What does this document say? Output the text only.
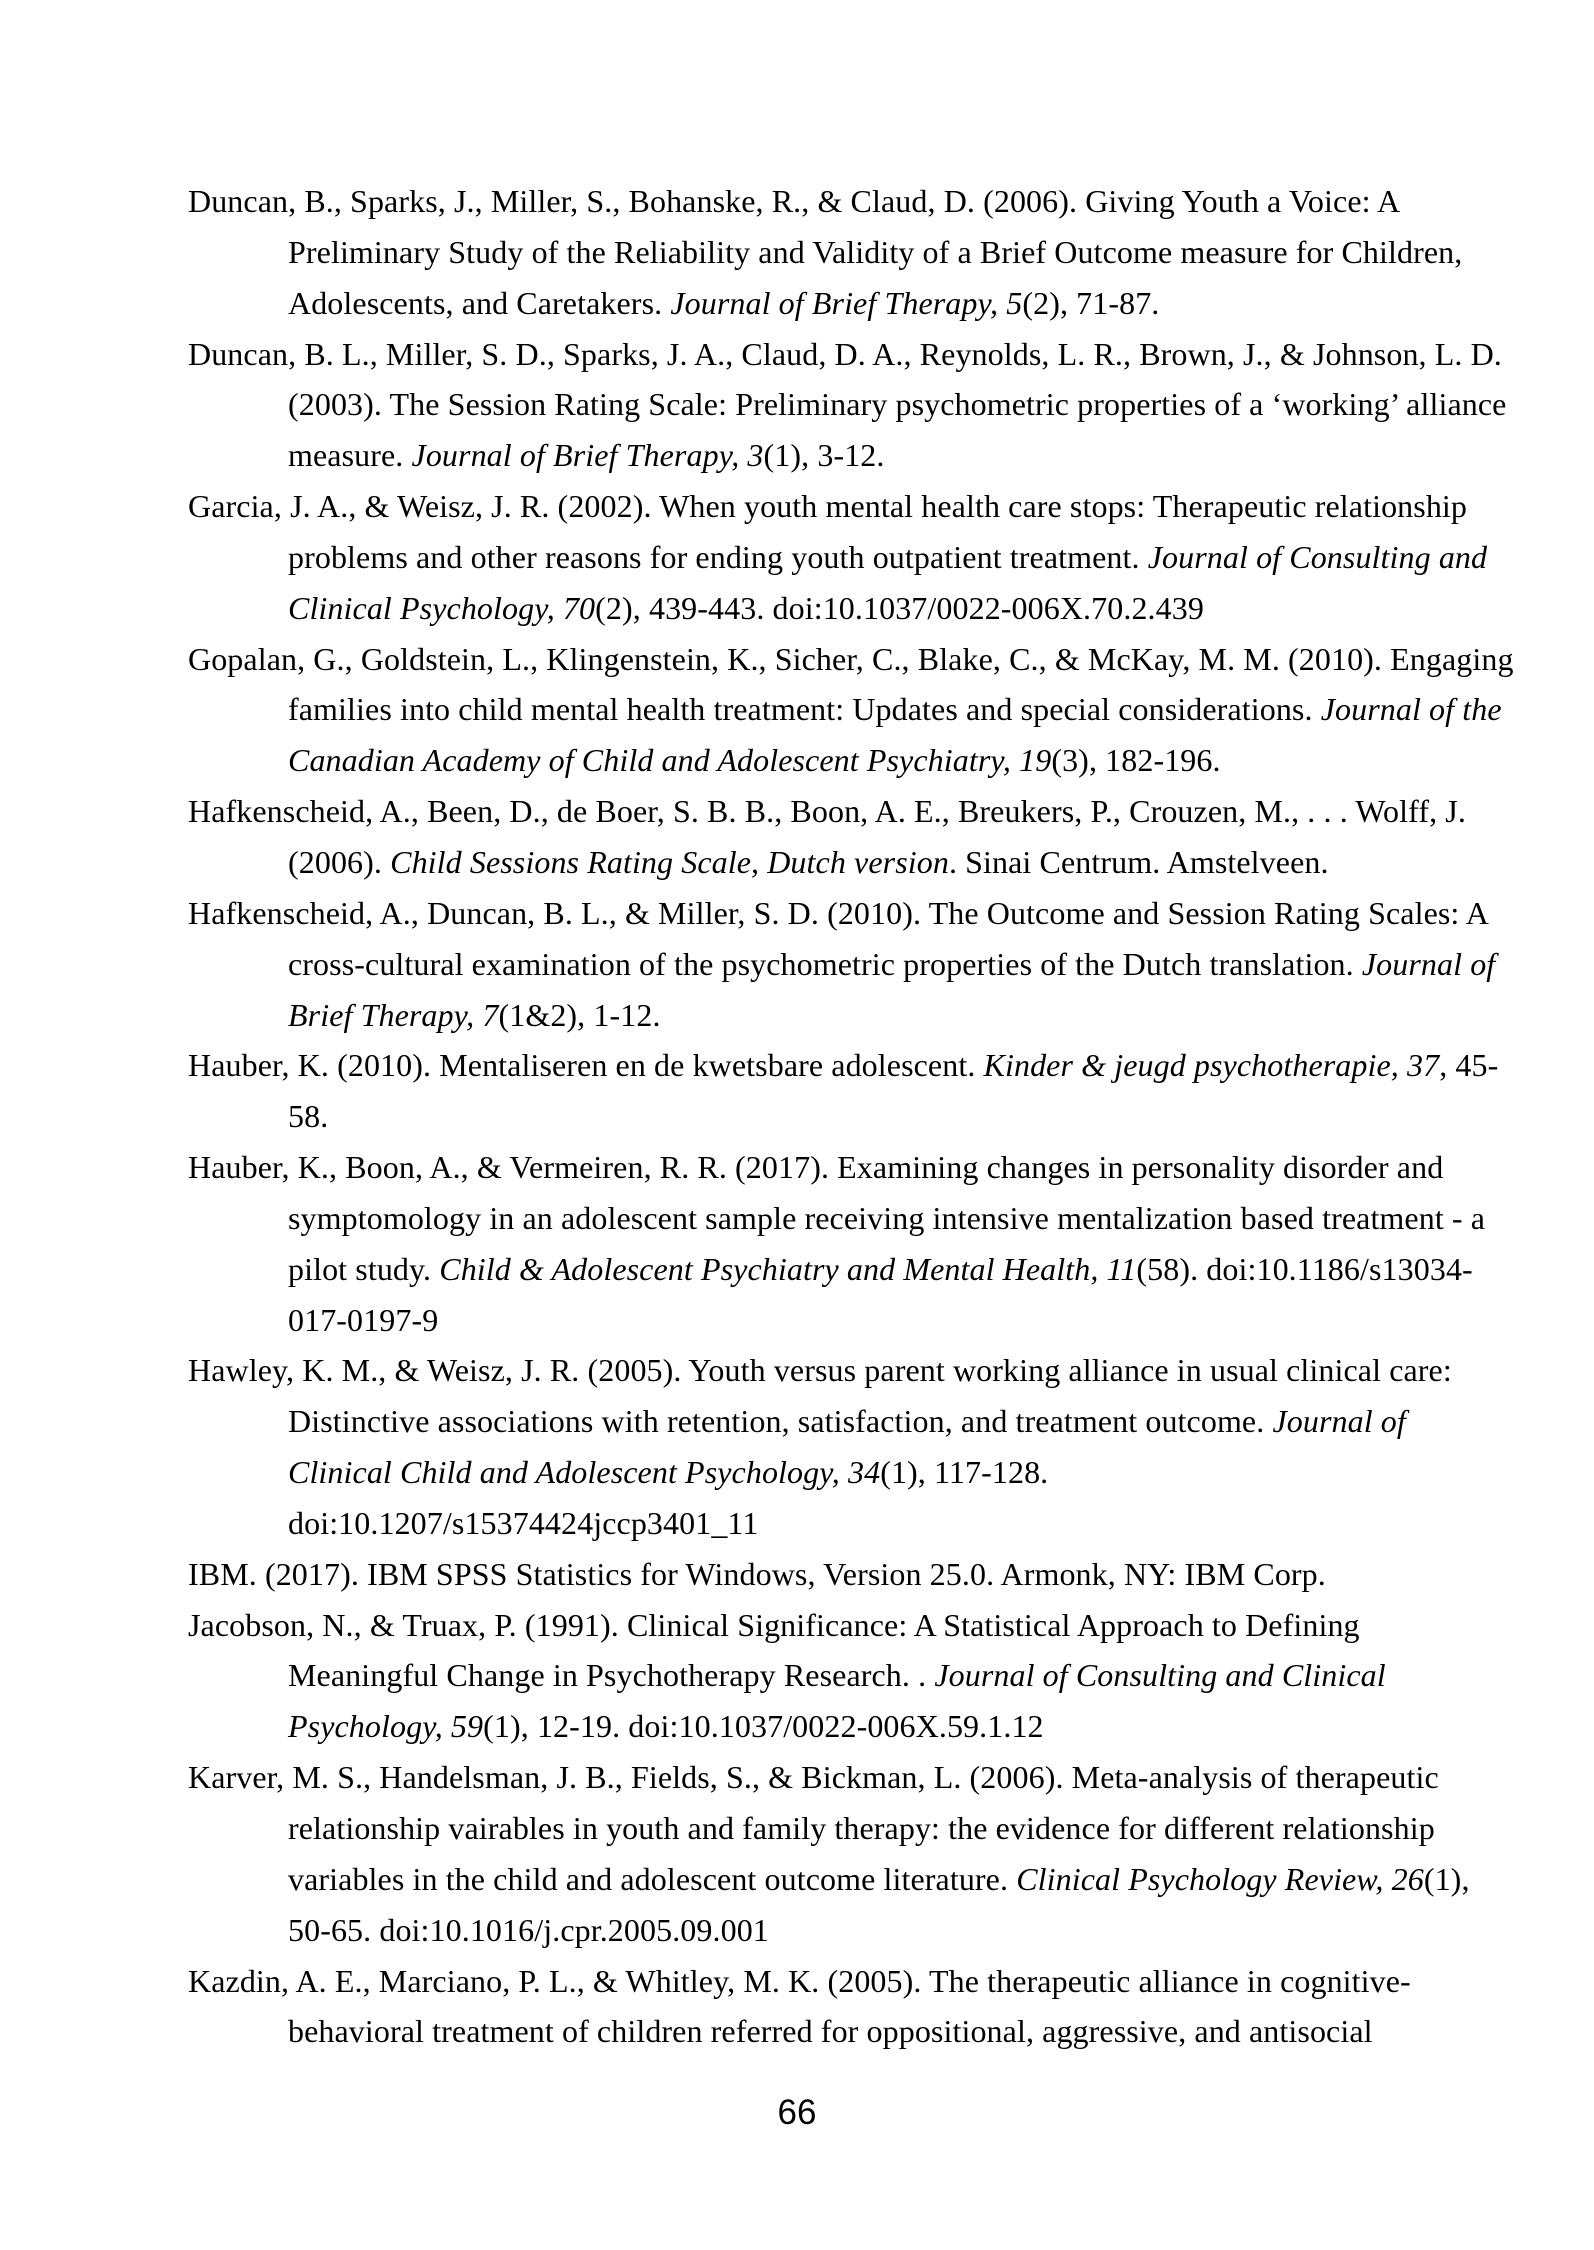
Duncan, B., Sparks, J., Miller, S., Bohanske, R., & Claud, D. (2006). Giving Youth a Voice: A
Preliminary Study of the Reliability and Validity of a Brief Outcome measure for Children,
Adolescents, and Caretakers. Journal of Brief Therapy, 5(2), 71-87.
Duncan, B. L., Miller, S. D., Sparks, J. A., Claud, D. A., Reynolds, L. R., Brown, J., & Johnson, L. D.
(2003). The Session Rating Scale: Preliminary psychometric properties of a ‘working’ alliance
measure. Journal of Brief Therapy, 3(1), 3-12.
Garcia, J. A., & Weisz, J. R. (2002). When youth mental health care stops: Therapeutic relationship
problems and other reasons for ending youth outpatient treatment. Journal of Consulting and
Clinical Psychology, 70(2), 439-443. doi:10.1037/0022-006X.70.2.439
Gopalan, G., Goldstein, L., Klingenstein, K., Sicher, C., Blake, C., & McKay, M. M. (2010). Engaging
families into child mental health treatment: Updates and special considerations. Journal of the
Canadian Academy of Child and Adolescent Psychiatry, 19(3), 182-196.
Hafkenscheid, A., Been, D., de Boer, S. B. B., Boon, A. E., Breukers, P., Crouzen, M., . . . Wolff, J.
(2006). Child Sessions Rating Scale, Dutch version. Sinai Centrum. Amstelveen.
Hafkenscheid, A., Duncan, B. L., & Miller, S. D. (2010). The Outcome and Session Rating Scales: A
cross-cultural examination of the psychometric properties of the Dutch translation. Journal of
Brief Therapy, 7(1&2), 1-12.
Hauber, K. (2010). Mentaliseren en de kwetsbare adolescent. Kinder & jeugd psychotherapie, 37, 45-
58.
Hauber, K., Boon, A., & Vermeiren, R. R. (2017). Examining changes in personality disorder and
symptomology in an adolescent sample receiving intensive mentalization based treatment - a
pilot study. Child & Adolescent Psychiatry and Mental Health, 11(58). doi:10.1186/s13034-
017-0197-9
Hawley, K. M., & Weisz, J. R. (2005). Youth versus parent working alliance in usual clinical care:
Distinctive associations with retention, satisfaction, and treatment outcome. Journal of
Clinical Child and Adolescent Psychology, 34(1), 117-128.
doi:10.1207/s15374424jccp3401_11
IBM. (2017). IBM SPSS Statistics for Windows, Version 25.0. Armonk, NY: IBM Corp.
Jacobson, N., & Truax, P. (1991). Clinical Significance: A Statistical Approach to Defining
Meaningful Change in Psychotherapy Research. . Journal of Consulting and Clinical
Psychology, 59(1), 12-19. doi:10.1037/0022-006X.59.1.12
Karver, M. S., Handelsman, J. B., Fields, S., & Bickman, L. (2006). Meta-analysis of therapeutic
relationship vairables in youth and family therapy: the evidence for different relationship
variables in the child and adolescent outcome literature. Clinical Psychology Review, 26(1),
50-65. doi:10.1016/j.cpr.2005.09.001
Kazdin, A. E., Marciano, P. L., & Whitley, M. K. (2005). The therapeutic alliance in cognitive-
behavioral treatment of children referred for oppositional, aggressive, and antisocial
66
